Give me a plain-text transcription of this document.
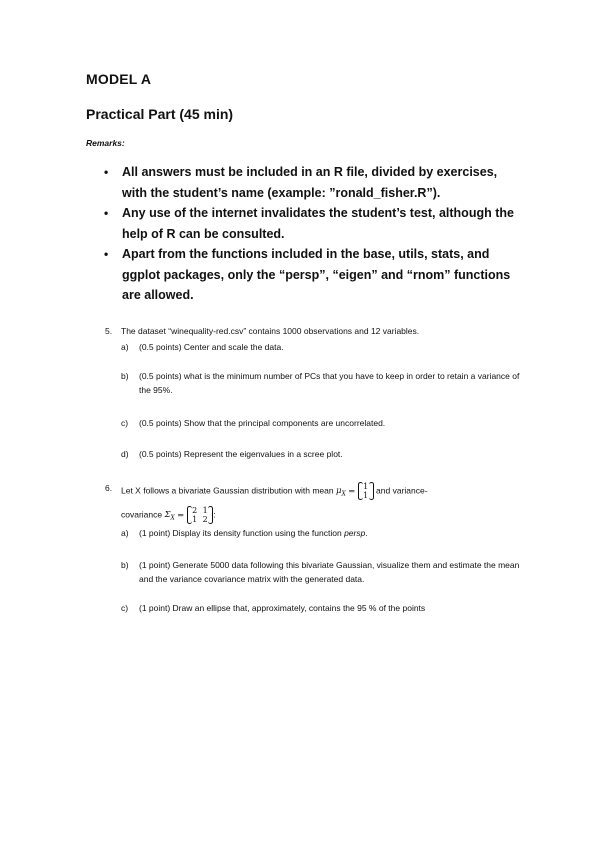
MODEL A
Practical Part (45 min)
Remarks:
• All answers must be included in an R file, divided by exercises, with the student’s name (example: ”ronald_fisher.R”).
• Any use of the internet invalidates the student’s test, although the help of R can be consulted.
• Apart from the functions included in the base, utils, stats, and ggplot packages, only the “persp”, “eigen” and “rnom” functions are allowed.
5. The dataset “winequality-red.csv” contains 1000 observations and 12 variables.
a) (0.5 points) Center and scale the data.
b) (0.5 points) what is the minimum number of PCs that you have to keep in order to retain a variance of the 95%.
c) (0.5 points) Show that the principal components are uncorrelated.
d) (0.5 points) Represent the eigenvalues in a scree plot.
6. Let X follows a bivariate Gaussian distribution with mean $\mu_X = 1$
1
and variance-
covariance $\Sigma_X = 2$ 1
1 2
:
a) (1 point) Display its density function using the function persp.
b) (1 point) Generate 5000 data following this bivariate Gaussian, visualize them and estimate the mean and the variance covariance matrix with the generated data.
c) (1 point) Draw an ellipse that, approximately, contains the 95 % of the points
